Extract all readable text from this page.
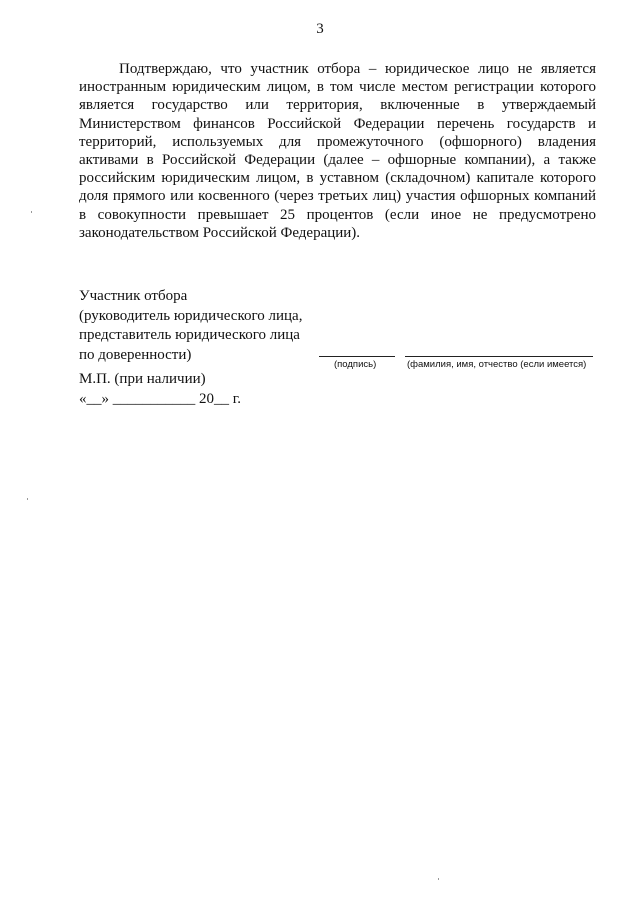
3

Подтверждаю, что участник отбора – юридическое лицо не является иностранным юридическим лицом, в том числе местом регистрации которого является государство или территория, включенные в утверждаемый Министерством финансов Российской Федерации перечень государств и территорий, используемых для промежуточного (офшорного) владения активами в Российской Федерации (далее – офшорные компании), а также российским юридическим лицом, в уставном (складочном) капитале которого доля прямого или косвенного (через третьих лиц) участия офшорных компаний в совокупности превышает 25 процентов (если иное не предусмотрено законодательством Российской Федерации).

Участник отбора
(руководитель юридического лица,
представитель юридического лица
по доверенности)
(подпись)	(фамилия, имя, отчество (если имеется)
М.П. (при наличии)
«__» ___________ 20__ г.
